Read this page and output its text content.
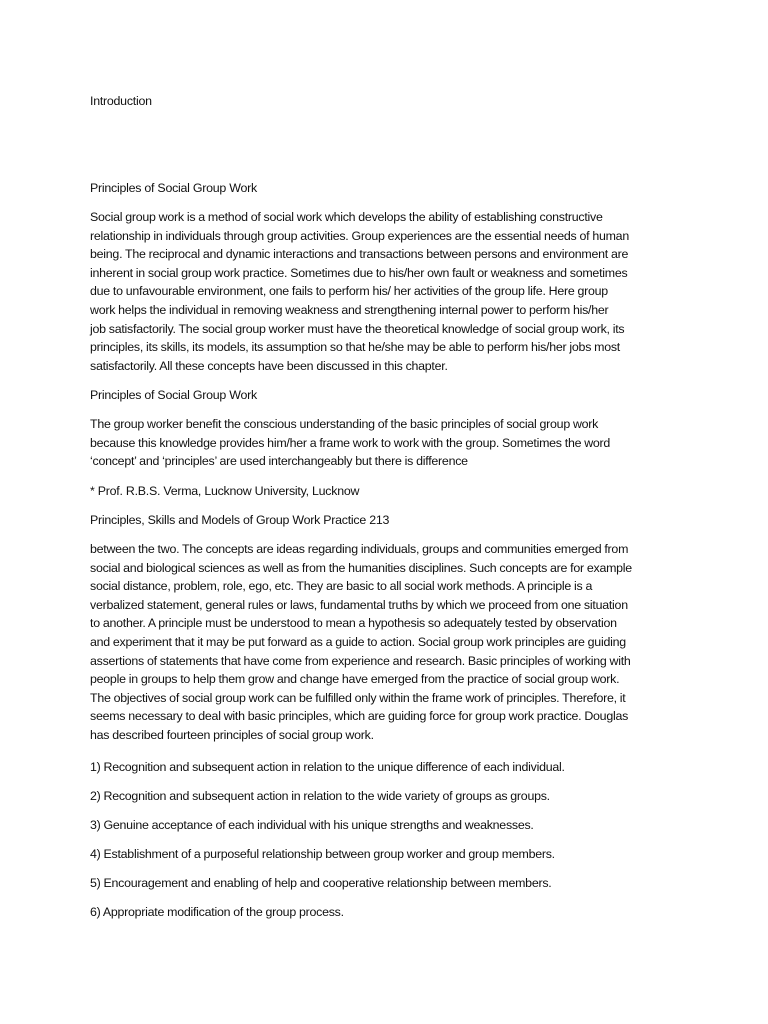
Introduction

Principles of Social Group Work

Social group work is a method of social work which develops the ability of establishing constructive
relationship in individuals through group activities. Group experiences are the essential needs of human
being. The reciprocal and dynamic interactions and transactions between persons and environment are
inherent in social group work practice. Sometimes due to his/her own fault or weakness and sometimes
due to unfavourable environment, one fails to perform his/ her activities of the group life. Here group
work helps the individual in removing weakness and strengthening internal power to perform his/her
job satisfactorily. The social group worker must have the theoretical knowledge of social group work, its
principles, its skills, its models, its assumption so that he/she may be able to perform his/her jobs most
satisfactorily. All these concepts have been discussed in this chapter.

Principles of Social Group Work

The group worker benefit the conscious understanding of the basic principles of social group work
because this knowledge provides him/her a frame work to work with the group. Sometimes the word
‘concept’ and ‘principles’ are used interchangeably but there is difference

* Prof. R.B.S. Verma, Lucknow University, Lucknow

Principles, Skills and Models of Group Work Practice 213

between the two. The concepts are ideas regarding individuals, groups and communities emerged from
social and biological sciences as well as from the humanities disciplines. Such concepts are for example
social distance, problem, role, ego, etc. They are basic to all social work methods. A principle is a
verbalized statement, general rules or laws, fundamental truths by which we proceed from one situation
to another. A principle must be understood to mean a hypothesis so adequately tested by observation
and experiment that it may be put forward as a guide to action. Social group work principles are guiding
assertions of statements that have come from experience and research. Basic principles of working with
people in groups to help them grow and change have emerged from the practice of social group work.
The objectives of social group work can be fulfilled only within the frame work of principles. Therefore, it
seems necessary to deal with basic principles, which are guiding force for group work practice. Douglas
has described fourteen principles of social group work.

1) Recognition and subsequent action in relation to the unique difference of each individual.

2) Recognition and subsequent action in relation to the wide variety of groups as groups.

3) Genuine acceptance of each individual with his unique strengths and weaknesses.

4) Establishment of a purposeful relationship between group worker and group members.

5) Encouragement and enabling of help and cooperative relationship between members.

6) Appropriate modification of the group process.
